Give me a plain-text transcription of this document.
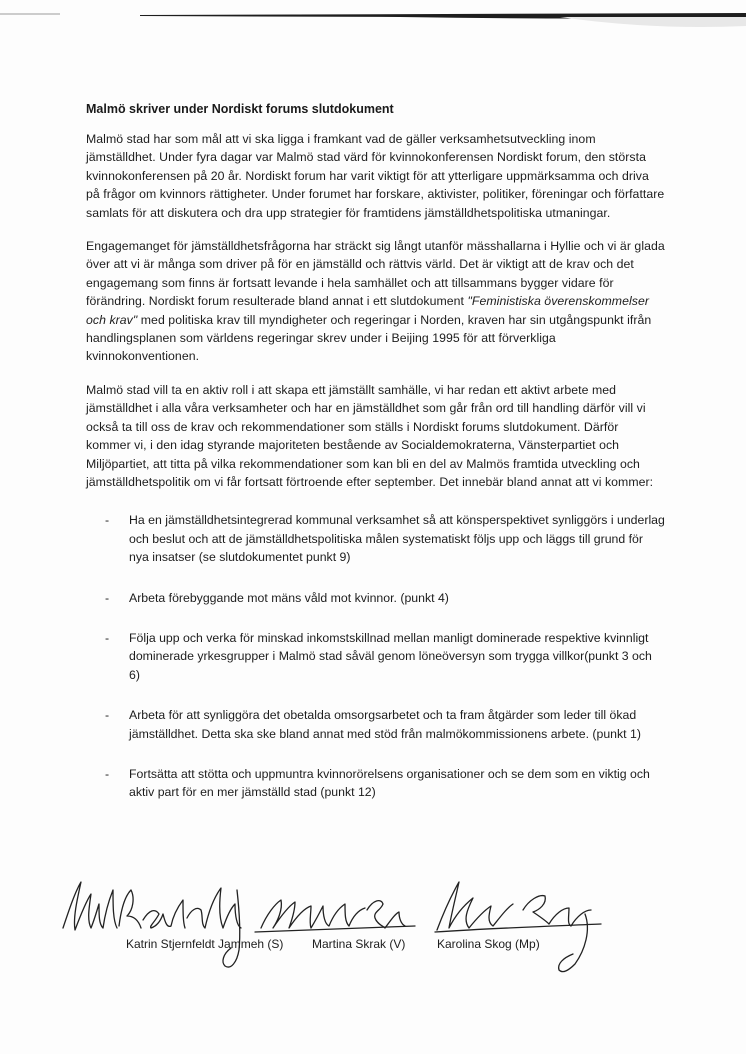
Malmö skriver under Nordiskt forums slutdokument

Malmö stad har som mål att vi ska ligga i framkant vad de gäller verksamhetsutveckling inom jämställdhet. Under fyra dagar var Malmö stad värd för kvinnokonferensen Nordiskt forum, den största kvinnokonferensen på 20 år. Nordiskt forum har varit viktigt för att ytterligare uppmärksamma och driva på frågor om kvinnors rättigheter. Under forumet har forskare, aktivister, politiker, föreningar och författare samlats för att diskutera och dra upp strategier för framtidens jämställdhetspolitiska utmaningar.

Engagemanget för jämställdhetsfrågorna har sträckt sig långt utanför mässhallarna i Hyllie och vi är glada över att vi är många som driver på för en jämställd och rättvis värld. Det är viktigt att de krav och det engagemang som finns är fortsatt levande i hela samhället och att tillsammans bygger vidare för förändring. Nordiskt forum resulterade bland annat i ett slutdokument "Feministiska överenskommelser och krav" med politiska krav till myndigheter och regeringar i Norden, kraven har sin utgångspunkt ifrån handlingsplanen som världens regeringar skrev under i Beijing 1995 för att förverkliga kvinnokonventionen.

Malmö stad vill ta en aktiv roll i att skapa ett jämställt samhälle, vi har redan ett aktivt arbete med jämställdhet i alla våra verksamheter och har en jämställdhet som går från ord till handling därför vill vi också ta till oss de krav och rekommendationer som ställs i Nordiskt forums slutdokument. Därför kommer vi, i den idag styrande majoriteten bestående av Socialdemokraterna, Vänsterpartiet och Miljöpartiet, att titta på vilka rekommendationer som kan bli en del av Malmös framtida utveckling och jämställdhetspolitik om vi får fortsatt förtroende efter september. Det innebär bland annat att vi kommer:

- Ha en jämställdhetsintegrerad kommunal verksamhet så att könsperspektivet synliggörs i underlag och beslut och att de jämställdhetspolitiska målen systematiskt följs upp och läggs till grund för nya insatser (se slutdokumentet punkt 9)
- Arbeta förebyggande mot mäns våld mot kvinnor. (punkt 4)
- Följa upp och verka för minskad inkomstskillnad mellan manligt dominerade respektive kvinnligt dominerade yrkesgrupper i Malmö stad såväl genom löneöversyn som trygga villkor(punkt 3 och 6)
- Arbeta för att synliggöra det obetalda omsorgsarbetet och ta fram åtgärder som leder till ökad jämställdhet. Detta ska ske bland annat med stöd från malmökommissionens arbete. (punkt 1)
- Fortsätta att stötta och uppmuntra kvinnorörelsens organisationer och se dem som en viktig och aktiv part för en mer jämställd stad (punkt 12)
Katrin Stjernfeldt Jammeh (S) Martina Skrak (V)	Karolina Skog (Mp)
